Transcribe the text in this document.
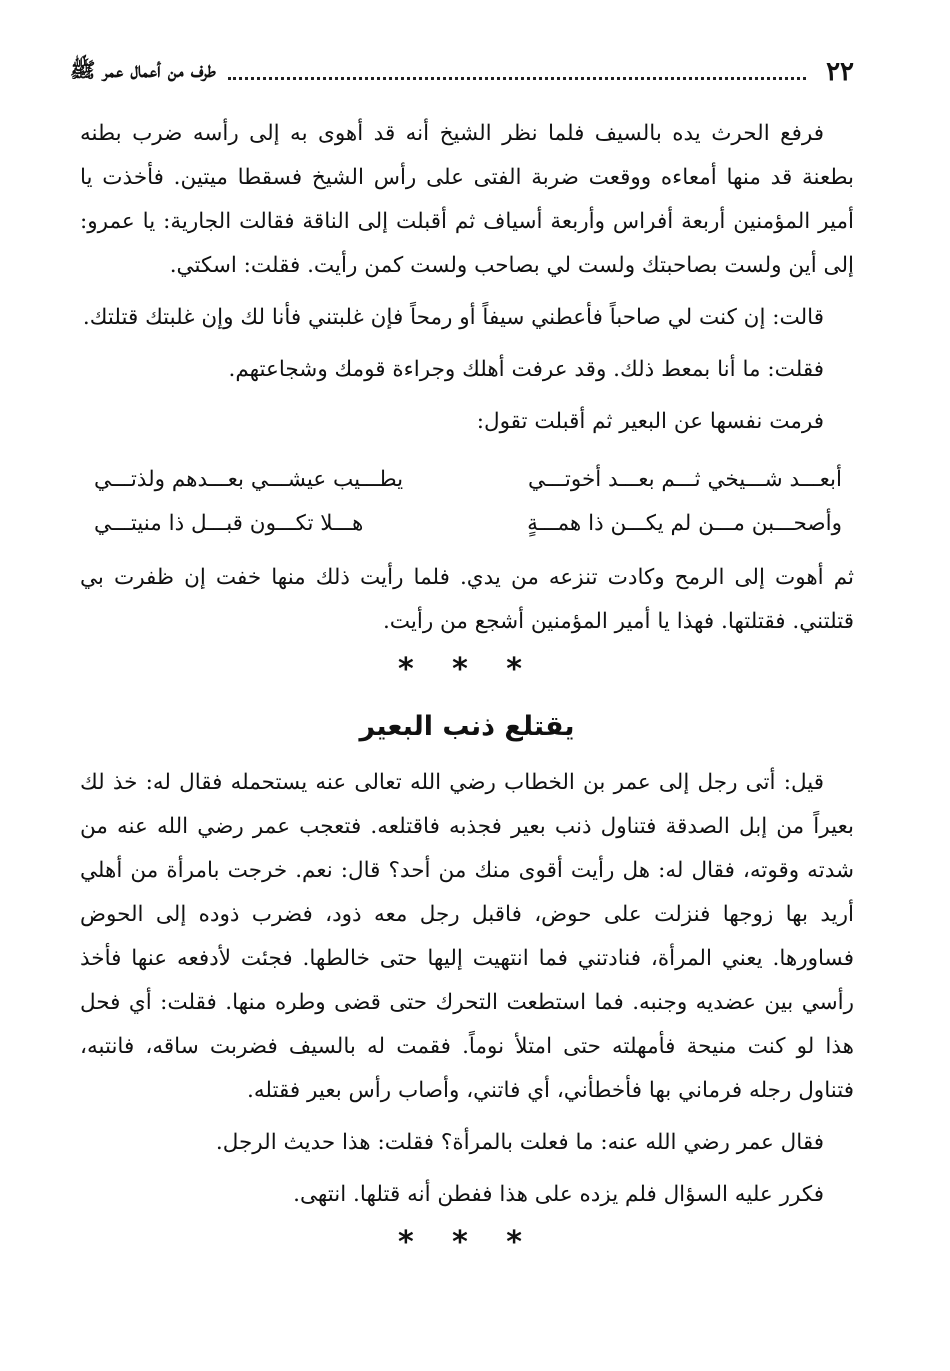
٢٢
طرف من أعمال عمر ﷺ

فرفع الحرث يده بالسيف فلما نظر الشيخ أنه قد أهوى به إلى رأسه ضرب بطنه بطعنة قد منها أمعاءه ووقعت ضربة الفتى على رأس الشيخ فسقطا ميتين. فأخذت يا أمير المؤمنين أربعة أفراس وأربعة أسياف ثم أقبلت إلى الناقة فقالت الجارية: يا عمرو: إلى أين ولست بصاحبتك ولست لي بصاحب ولست كمن رأيت. فقلت: اسكتي.

قالت: إن كنت لي صاحباً فأعطني سيفاً أو رمحاً فإن غلبتني فأنا لك وإن غلبتك قتلتك.

فقلت: ما أنا بمعط ذلك. وقد عرفت أهلك وجراءة قومك وشجاعتهم.

فرمت نفسها عن البعير ثم أقبلت تقول:

أبعـــد شـــيخي ثـــم بعـــد أخوتـــي
يطـــيب عيشـــي بعـــدهم ولذتـــي
وأصحـــبن مـــن لم يكـــن ذا همـــةٍ
هـــلا تكـــون قبـــل ذا منيتـــي

ثم أهوت إلى الرمح وكادت تنزعه من يدي. فلما رأيت ذلك منها خفت إن ظفرت بي قتلتني. فقتلتها. فهذا يا أمير المؤمنين أشجع من رأيت.

* * *
يقتلع ذنب البعير

قيل: أتى رجل إلى عمر بن الخطاب رضي الله تعالى عنه يستحمله فقال له: خذ لك بعيراً من إبل الصدقة فتناول ذنب بعير فجذبه فاقتلعه. فتعجب عمر رضي الله عنه من شدته وقوته، فقال له: هل رأيت أقوى منك من أحد؟ قال: نعم. خرجت بامرأة من أهلي أريد بها زوجها فنزلت على حوض، فاقبل رجل معه ذود، فضرب ذوده إلى الحوض فساورها. يعني المرأة، فنادتني فما انتهيت إليها حتى خالطها. فجئت لأدفعه عنها فأخذ رأسي بين عضديه وجنبه. فما استطعت التحرك حتى قضى وطره منها. فقلت: أي فحل هذا لو كنت منيحة فأمهلته حتى امتلأ نوماً. فقمت له بالسيف فضربت ساقه، فانتبه، فتناول رجله فرماني بها فأخطأني، أي فاتني، وأصاب رأس بعير فقتله.

فقال عمر رضي الله عنه: ما فعلت بالمرأة؟ فقلت: هذا حديث الرجل.

فكرر عليه السؤال فلم يزده على هذا ففطن أنه قتلها. انتهى.

* * *
